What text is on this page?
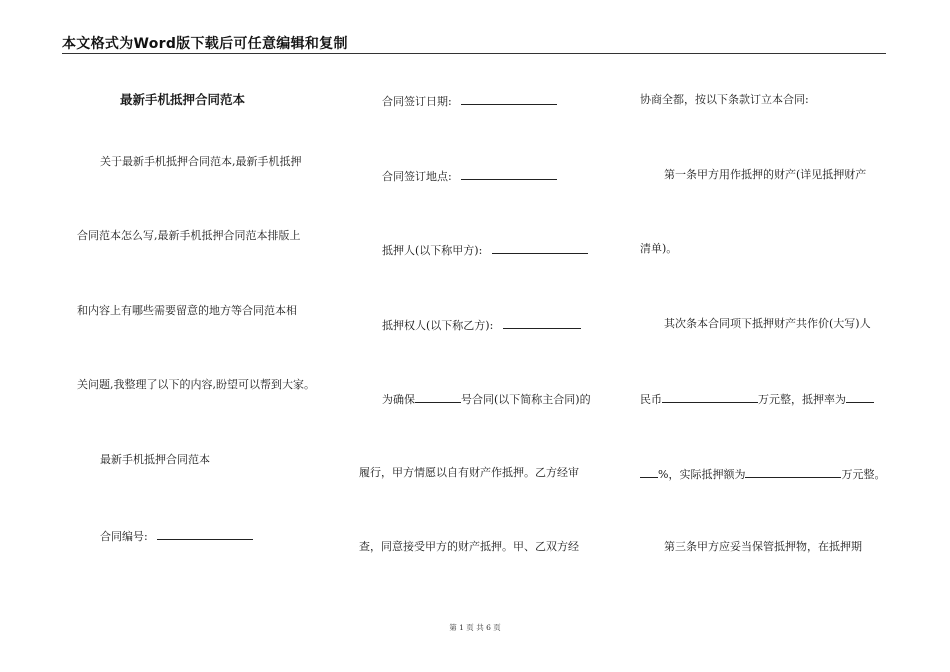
本文格式为Word版下载后可任意编辑和复制
最新手机抵押合同范本
关于最新手机抵押合同范本,最新手机抵押
合同范本怎么写,最新手机抵押合同范本排版上
和内容上有哪些需要留意的地方等合同范本相
关问题,我整理了以下的内容,盼望可以帮到大家。
最新手机抵押合同范本
合同编号:
合同签订日期:
合同签订地点:
抵押人(以下称甲方):
抵押权人(以下称乙方):
为确保	号合同(以下简称主合同)的
履行，甲方情愿以自有财产作抵押。乙方经审
查，同意接受甲方的财产抵押。甲、乙双方经
协商全都，按以下条款订立本合同:
第一条甲方用作抵押的财产(详见抵押财产
清单)。
其次条本合同项下抵押财产共作价(大写)人
民币	万元整，抵押率为
%，实际抵押额为	万元整。
第三条甲方应妥当保管抵押物，在抵押期
第 1 页 共 6 页
